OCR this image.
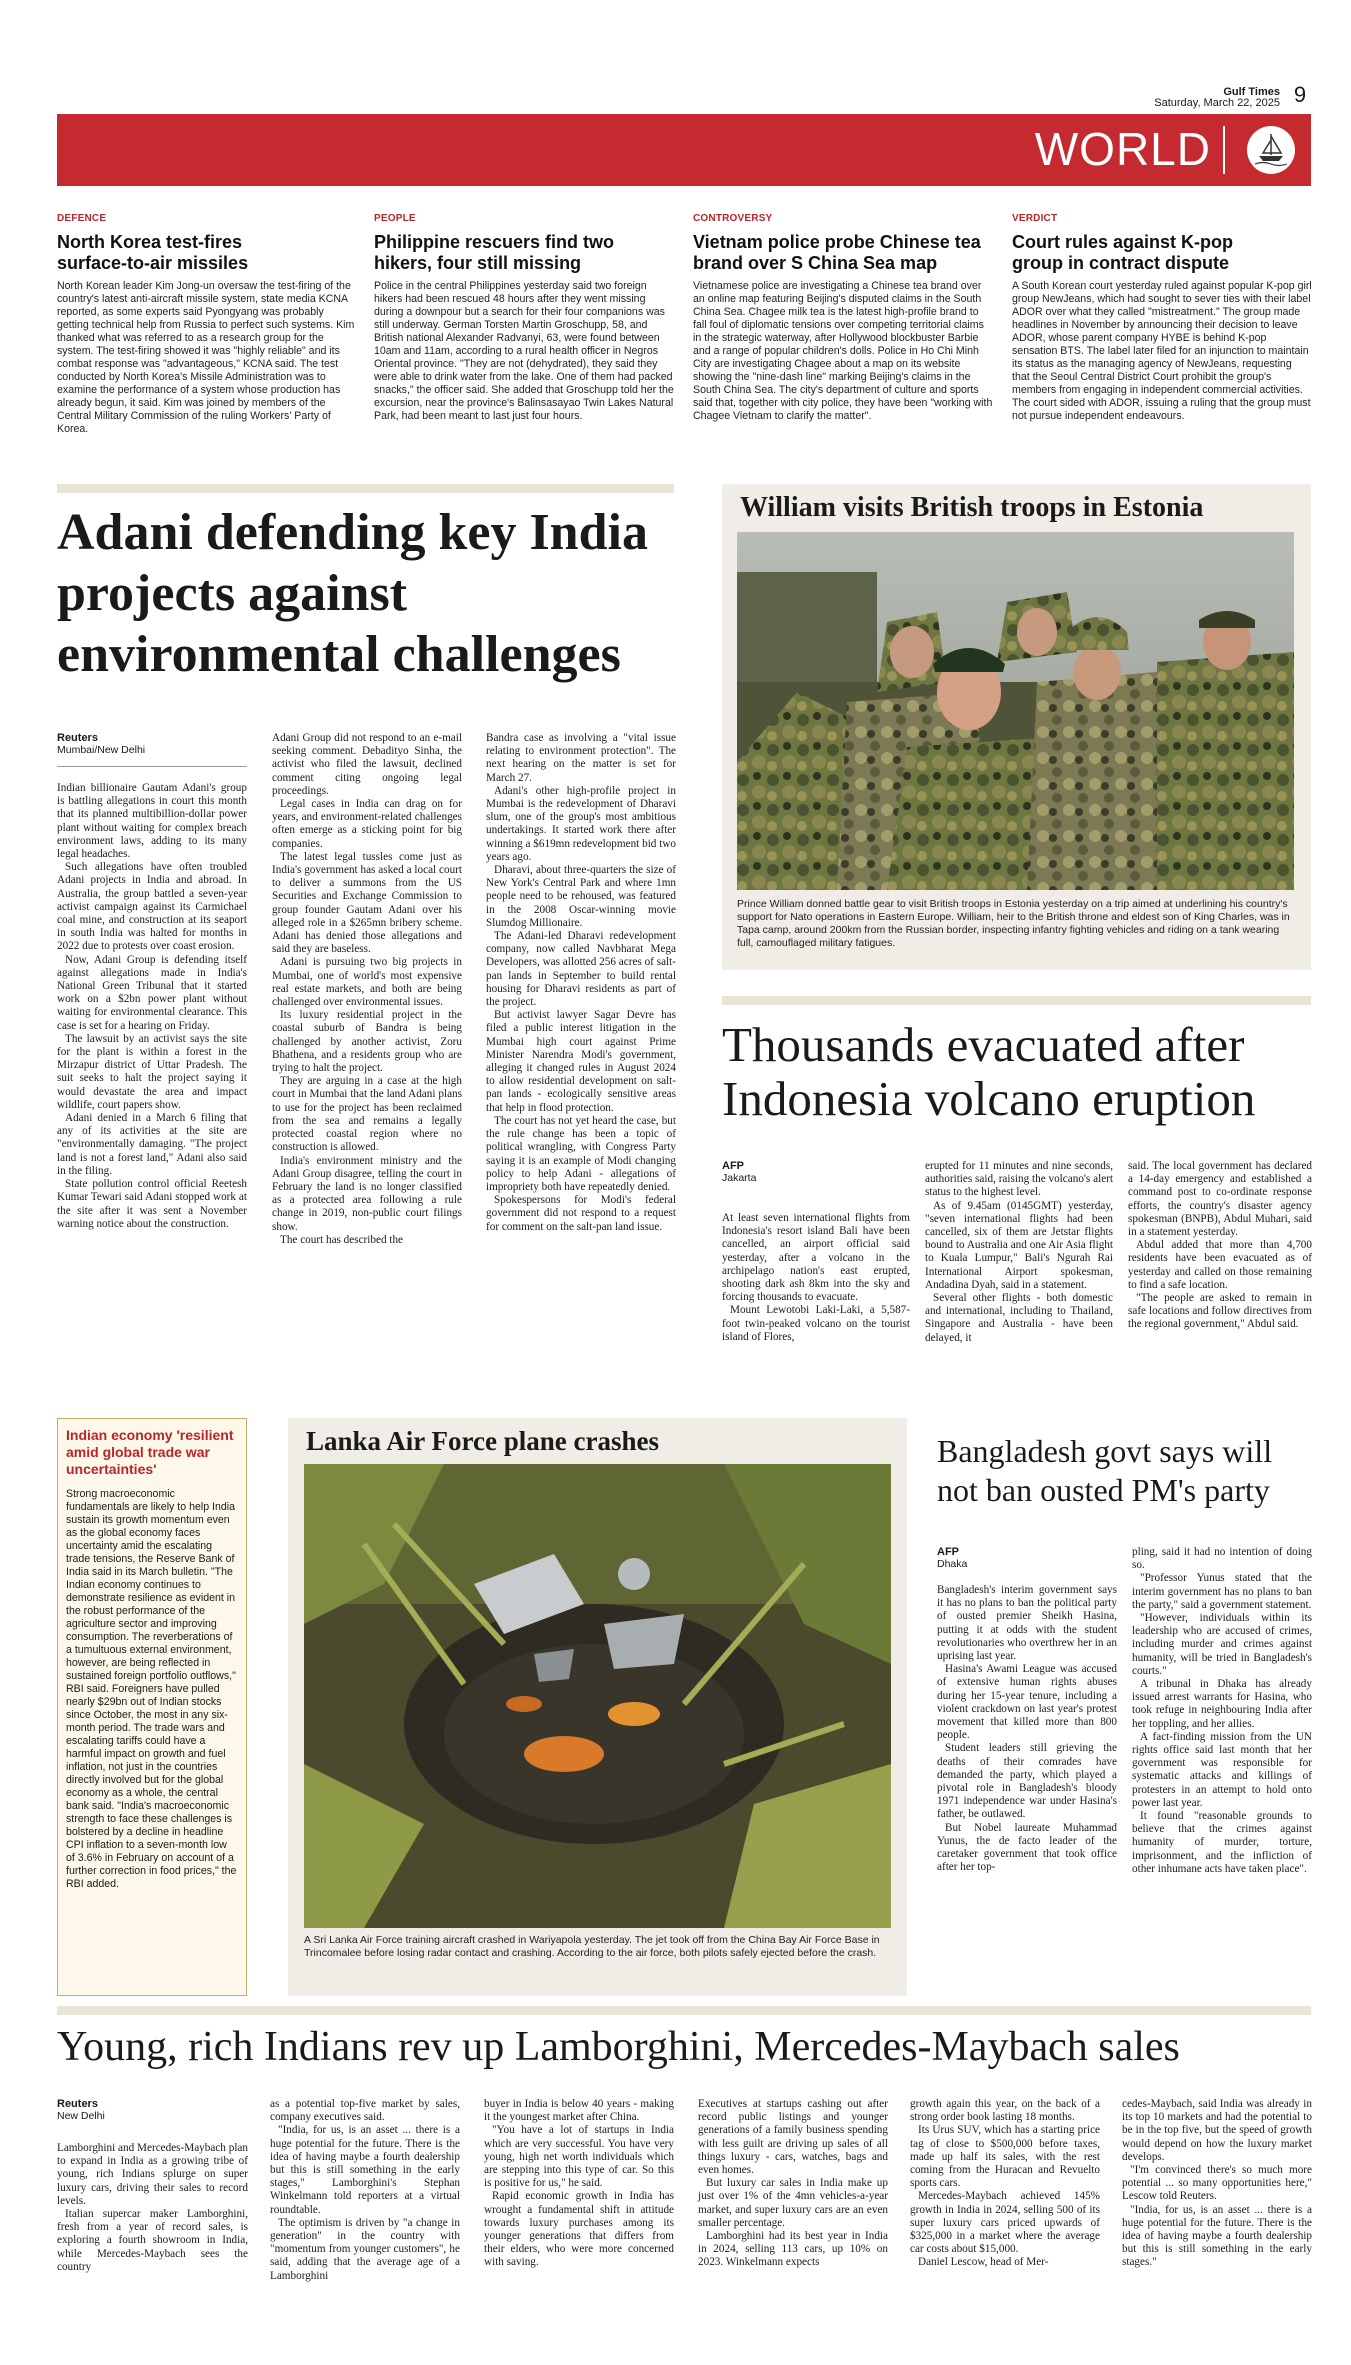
Gulf Times
Saturday, March 22, 2025 9
WORLD
DEFENCE
North Korea test-fires surface-to-air missiles
North Korean leader Kim Jong-un oversaw the test-firing of the country's latest anti-aircraft missile system, state media KCNA reported, as some experts said Pyongyang was probably getting technical help from Russia to perfect such systems. Kim thanked what was referred to as a research group for the system. The test-firing showed it was "highly reliable" and its combat response was "advantageous," KCNA said. The test conducted by North Korea's Missile Administration was to examine the performance of a system whose production has already begun, it said. Kim was joined by members of the Central Military Commission of the ruling Workers' Party of Korea.
PEOPLE
Philippine rescuers find two hikers, four still missing
Police in the central Philippines yesterday said two foreign hikers had been rescued 48 hours after they went missing during a downpour but a search for their four companions was still underway. German Torsten Martin Groschupp, 58, and British national Alexander Radvanyi, 63, were found between 10am and 11am, according to a rural health officer in Negros Oriental province. "They are not (dehydrated), they said they were able to drink water from the lake. One of them had packed snacks," the officer said. She added that Groschupp told her the excursion, near the province's Balinsasayao Twin Lakes Natural Park, had been meant to last just four hours.
CONTROVERSY
Vietnam police probe Chinese tea brand over S China Sea map
Vietnamese police are investigating a Chinese tea brand over an online map featuring Beijing's disputed claims in the South China Sea. Chagee milk tea is the latest high-profile brand to fall foul of diplomatic tensions over competing territorial claims in the strategic waterway, after Hollywood blockbuster Barbie and a range of popular children's dolls. Police in Ho Chi Minh City are investigating Chagee about a map on its website showing the "nine-dash line" marking Beijing's claims in the South China Sea. The city's department of culture and sports said that, together with city police, they have been "working with Chagee Vietnam to clarify the matter".
VERDICT
Court rules against K-pop group in contract dispute
A South Korean court yesterday ruled against popular K-pop girl group NewJeans, which had sought to sever ties with their label ADOR over what they called "mistreatment." The group made headlines in November by announcing their decision to leave ADOR, whose parent company HYBE is behind K-pop sensation BTS. The label later filed for an injunction to maintain its status as the managing agency of NewJeans, requesting that the Seoul Central District Court prohibit the group's members from engaging in independent commercial activities. The court sided with ADOR, issuing a ruling that the group must not pursue independent endeavours.
Adani defending key India projects against environmental challenges
Reuters
Mumbai/New Delhi

Indian billionaire Gautam Adani's group is battling allegations in court this month that its planned multibillion-dollar power plant without waiting for complex breach environment laws, adding to its many legal headaches.

Such allegations have often troubled Adani projects in India and abroad. In Australia, the group battled a seven-year activist campaign against its Carmichael coal mine, and construction at its seaport in south India was halted for months in 2022 due to protests over coast erosion.

Now, Adani Group is defending itself against allegations made in India's National Green Tribunal that it started work on a $2bn power plant without waiting for environmental clearance. This case is set for a hearing on Friday.

The lawsuit by an activist says the site for the plant is within a forest in the Mirzapur district of Uttar Pradesh. The suit seeks to halt the project saying it would devastate the area and impact wildlife, court papers show.

Adani denied in a March 6 filing that any of its activities at the site are "environmentally damaging. "The project land is not a forest land," Adani also said in the filing.

State pollution control official Reetesh Kumar Tewari said Adani stopped work at the site after it was sent a November warning notice about the construction.

Adani Group did not respond to an e-mail seeking comment. Debadityo Sinha, the activist who filed the lawsuit, declined comment citing ongoing legal proceedings.

Legal cases in India can drag on for years, and environment-related challenges often emerge as a sticking point for big companies.

The latest legal tussles come just as India's government has asked a local court to deliver a summons from the US Securities and Exchange Commission to group founder Gautam Adani over his alleged role in a $265mn bribery scheme. Adani has denied those allegations and said they are baseless.

Adani is pursuing two big projects in Mumbai, one of world's most expensive real estate markets, and both are being challenged over environmental issues.

Its luxury residential project in the coastal suburb of Bandra is being challenged by another activist, Zoru Bhathena, and a residents group who are trying to halt the project.

They are arguing in a case at the high court in Mumbai that the land Adani plans to use for the project has been reclaimed from the sea and remains a legally protected coastal region where no construction is allowed.

India's environment ministry and the Adani Group disagree, telling the court in February the land is no longer classified as a protected area following a rule change in 2019, non-public court filings show.

The court has described the

Bandra case as involving a "vital issue relating to environment protection". The next hearing on the matter is set for March 27.

Adani's other high-profile project in Mumbai is the redevelopment of Dharavi slum, one of the group's most ambitious undertakings. It started work there after winning a $619mn redevelopment bid two years ago.

Dharavi, about three-quarters the size of New York's Central Park and where 1mn people need to be rehoused, was featured in the 2008 Oscar-winning movie Slumdog Millionaire.

The Adani-led Dharavi redevelopment company, now called Navbharat Mega Developers, was allotted 256 acres of salt-pan lands in September to build rental housing for Dharavi residents as part of the project.

But activist lawyer Sagar Devre has filed a public interest litigation in the Mumbai high court against Prime Minister Narendra Modi's government, alleging it changed rules in August 2024 to allow residential development on salt-pan lands - ecologically sensitive areas that help in flood protection.

The court has not yet heard the case, but the rule change has been a topic of political wrangling, with Congress Party saying it is an example of Modi changing policy to help Adani - allegations of impropriety both have repeatedly denied.

Spokespersons for Modi's federal government did not respond to a request for comment on the salt-pan land issue.

William visits British troops in Estonia
Prince William donned battle gear to visit British troops in Estonia yesterday on a trip aimed at underlining his country's support for Nato operations in Eastern Europe. William, heir to the British throne and eldest son of King Charles, was in Tapa camp, around 200km from the Russian border, inspecting infantry fighting vehicles and riding on a tank wearing full, camouflaged military fatigues.
Thousands evacuated after Indonesia volcano eruption
AFP
Jakarta

At least seven international flights from Indonesia's resort island Bali have been cancelled, an airport official said yesterday, after a volcano in the archipelago nation's east erupted, shooting dark ash 8km into the sky and forcing thousands to evacuate.

Mount Lewotobi Laki-Laki, a 5,587-foot twin-peaked volcano on the tourist island of Flores,

erupted for 11 minutes and nine seconds, authorities said, raising the volcano's alert status to the highest level.

As of 9.45am (0145GMT) yesterday, "seven international flights had been cancelled, six of them are Jetstar flights bound to Australia and one Air Asia flight to Kuala Lumpur," Bali's Ngurah Rai International Airport spokesman, Andadina Dyah, said in a statement.

Several other flights - both domestic and international, including to Thailand, Singapore and Australia - have been delayed, it

said. The local government has declared a 14-day emergency and established a command post to co-ordinate response efforts, the country's disaster agency spokesman (BNPB), Abdul Muhari, said in a statement yesterday.

Abdul added that more than 4,700 residents have been evacuated as of yesterday and called on those remaining to find a safe location.

"The people are asked to remain in safe locations and follow directives from the regional government," Abdul said.

Indian economy 'resilient amid global trade war uncertainties'
Strong macroeconomic fundamentals are likely to help India sustain its growth momentum even as the global economy faces uncertainty amid the escalating trade tensions, the Reserve Bank of India said in its March bulletin. "The Indian economy continues to demonstrate resilience as evident in the robust performance of the agriculture sector and improving consumption. The reverberations of a tumultuous external environment, however, are being reflected in sustained foreign portfolio outflows," RBI said. Foreigners have pulled nearly $29bn out of Indian stocks since October, the most in any six-month period. The trade wars and escalating tariffs could have a harmful impact on growth and fuel inflation, not just in the countries directly involved but for the global economy as a whole, the central bank said. "India's macroeconomic strength to face these challenges is bolstered by a decline in headline CPI inflation to a seven-month low of 3.6% in February on account of a further correction in food prices," the RBI added.
Lanka Air Force plane crashes
A Sri Lanka Air Force training aircraft crashed in Wariyapola yesterday. The jet took off from the China Bay Air Force Base in Trincomalee before losing radar contact and crashing. According to the air force, both pilots safely ejected before the crash.
Bangladesh govt says will not ban ousted PM's party
AFP
Dhaka

Bangladesh's interim government says it has no plans to ban the political party of ousted premier Sheikh Hasina, putting it at odds with the student revolutionaries who overthrew her in an uprising last year.

Hasina's Awami League was accused of extensive human rights abuses during her 15-year tenure, including a violent crackdown on last year's protest movement that killed more than 800 people.

Student leaders still grieving the deaths of their comrades have demanded the party, which played a pivotal role in Bangladesh's bloody 1971 independence war under Hasina's father, be outlawed.

But Nobel laureate Muhammad Yunus, the de facto leader of the caretaker government that took office after her top-

pling, said it had no intention of doing so.

"Professor Yunus stated that the interim government has no plans to ban the party," said a government statement.

"However, individuals within its leadership who are accused of crimes, including murder and crimes against humanity, will be tried in Bangladesh's courts."

A tribunal in Dhaka has already issued arrest warrants for Hasina, who took refuge in neighbouring India after her toppling, and her allies.

A fact-finding mission from the UN rights office said last month that her government was responsible for systematic attacks and killings of protesters in an attempt to hold onto power last year.

It found "reasonable grounds to believe that the crimes against humanity of murder, torture, imprisonment, and the infliction of other inhumane acts have taken place".

Young, rich Indians rev up Lamborghini, Mercedes-Maybach sales
Reuters
New Delhi

Lamborghini and Mercedes-Maybach plan to expand in India as a growing tribe of young, rich Indians splurge on super luxury cars, driving their sales to record levels.

Italian supercar maker Lamborghini, fresh from a year of record sales, is exploring a fourth showroom in India, while Mercedes-Maybach sees the country

as a potential top-five market by sales, company executives said.

"India, for us, is an asset ... there is a huge potential for the future. There is the idea of having maybe a fourth dealership but this is still something in the early stages," Lamborghini's Stephan Winkelmann told reporters at a virtual roundtable.

The optimism is driven by "a change in generation" in the country with "momentum from younger customers", he said, adding that the average age of a Lamborghini

buyer in India is below 40 years - making it the youngest market after China.

"You have a lot of startups in India which are very successful. You have very young, high net worth individuals which are stepping into this type of car. So this is positive for us," he said.

Rapid economic growth in India has wrought a fundamental shift in attitude towards luxury purchases among its younger generations that differs from their elders, who were more concerned with saving.

Executives at startups cashing out after record public listings and younger generations of a family business spending with less guilt are driving up sales of all things luxury - cars, watches, bags and even homes.

But luxury car sales in India make up just over 1% of the 4mn vehicles-a-year market, and super luxury cars are an even smaller percentage.

Lamborghini had its best year in India in 2024, selling 113 cars, up 10% on 2023. Winkelmann expects

growth again this year, on the back of a strong order book lasting 18 months.

Its Urus SUV, which has a starting price tag of close to $500,000 before taxes, made up half its sales, with the rest coming from the Huracan and Revuelto sports cars.

Mercedes-Maybach achieved 145% growth in India in 2024, selling 500 of its super luxury cars priced upwards of $325,000 in a market where the average car costs about $15,000.

Daniel Lescow, head of Mer-

cedes-Maybach, said India was already in its top 10 markets and had the potential to be in the top five, but the speed of growth would depend on how the luxury market develops.

"I'm convinced there's so much more potential ... so many opportunities here," Lescow told Reuters.

"India, for us, is an asset ... there is a huge potential for the future. There is the idea of having maybe a fourth dealership but this is still something in the early stages."
